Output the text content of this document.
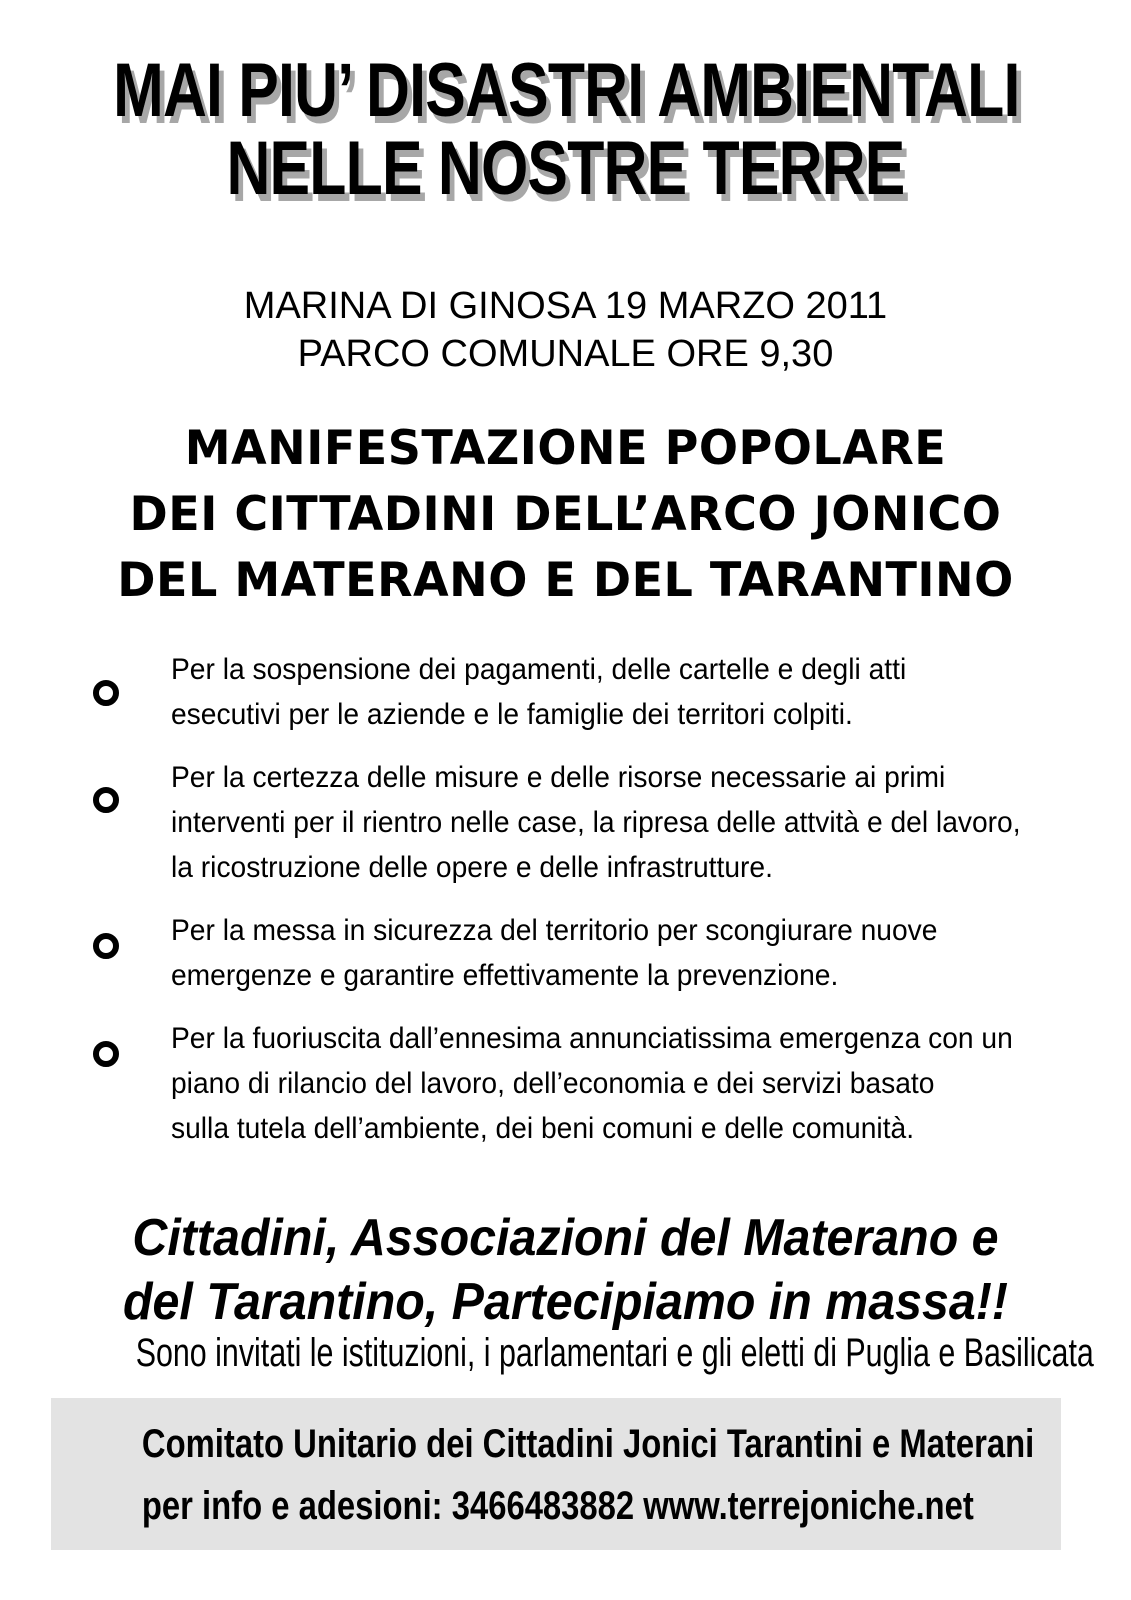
MAI PIU’ DISASTRI AMBIENTALI
NELLE NOSTRE TERRE
MARINA DI GINOSA 19 MARZO 2011
PARCO COMUNALE ORE 9,30
MANIFESTAZIONE POPOLARE
DEI CITTADINI DELL’ARCO JONICO
DEL MATERANO E DEL TARANTINO
Per la sospensione dei pagamenti, delle cartelle e degli atti
esecutivi per le aziende e le famiglie dei territori colpiti.
Per la certezza delle misure e delle risorse necessarie ai primi
interventi per il rientro nelle case, la ripresa delle attvità e del lavoro,
la ricostruzione delle opere e delle infrastrutture.
Per la messa in sicurezza del territorio per scongiurare nuove
emergenze e garantire effettivamente la prevenzione.
Per la fuoriuscita dall’ennesima annunciatissima emergenza con un
piano di rilancio del lavoro, dell’economia e dei servizi basato
sulla tutela dell’ambiente, dei beni comuni e delle comunità.
Cittadini, Associazioni del Materano e
del Tarantino, Partecipiamo in massa!!
Sono invitati le istituzioni, i parlamentari e gli eletti di Puglia e Basilicata
Comitato Unitario dei Cittadini Jonici Tarantini e Materani
per info e adesioni: 3466483882 www.terrejoniche.net
